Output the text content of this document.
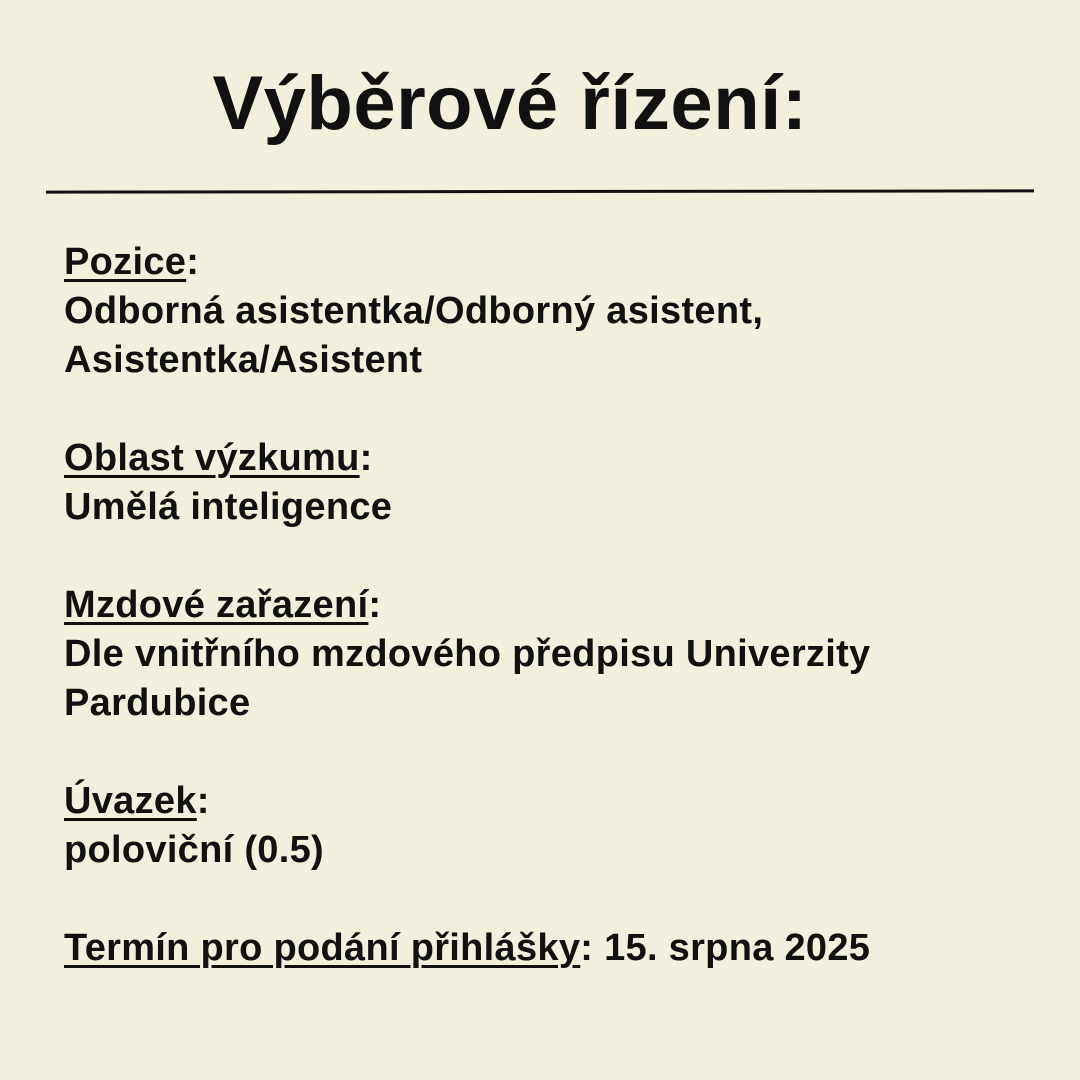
Výběrové řízení:
Pozice:
Odborná asistentka/Odborný asistent,
Asistentka/Asistent
Oblast výzkumu:
Umělá inteligence
Mzdové zařazení:
Dle vnitřního mzdového předpisu Univerzity
Pardubice
Úvazek:
poloviční (0.5)
Termín pro podání přihlášky: 15. srpna 2025
